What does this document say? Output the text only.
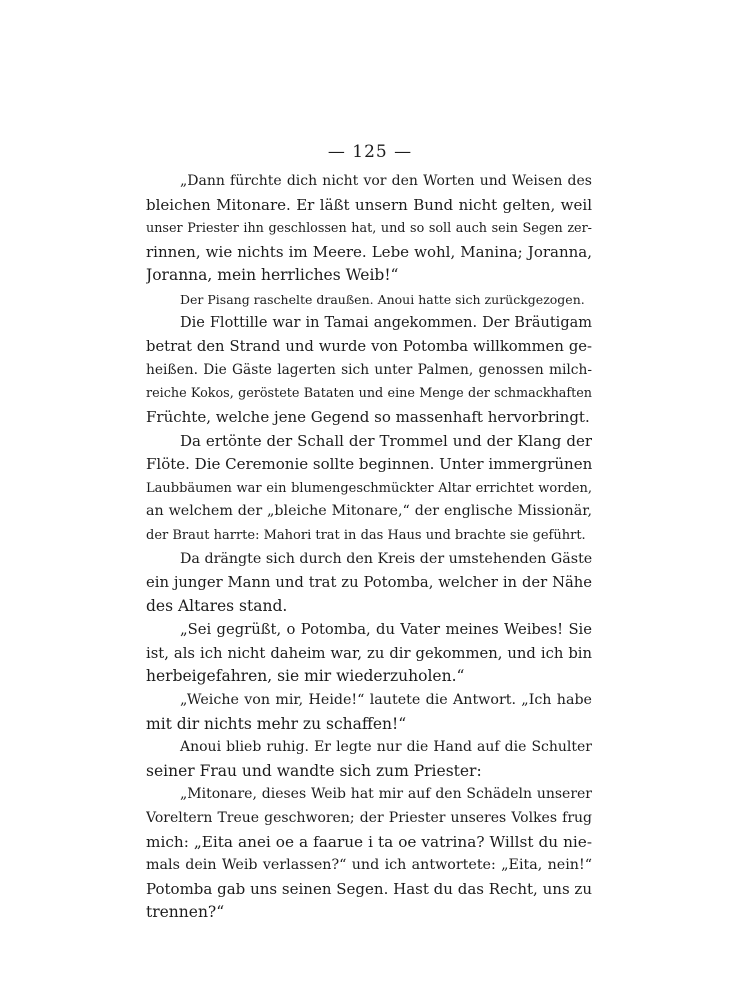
— 125 —
„Dann fürchte dich nicht vor den Worten und Weisen des
bleichen Mitonare. Er läßt unsern Bund nicht gelten, weil
unser Priester ihn geschlossen hat, und so soll auch sein Segen zer-
rinnen, wie nichts im Meere. Lebe wohl, Manina; Joranna,
Joranna, mein herrliches Weib!“
Der Pisang raschelte draußen. Anoui hatte sich zurückgezogen.
Die Flottille war in Tamai angekommen. Der Bräutigam
betrat den Strand und wurde von Potomba willkommen ge-
heißen. Die Gäste lagerten sich unter Palmen, genossen milch-
reiche Kokos, geröstete Bataten und eine Menge der schmackhaften
Früchte, welche jene Gegend so massenhaft hervorbringt.
Da ertönte der Schall der Trommel und der Klang der
Flöte. Die Ceremonie sollte beginnen. Unter immergrünen
Laubbäumen war ein blumengeschmückter Altar errichtet worden,
an welchem der „bleiche Mitonare,“ der englische Missionär,
der Braut harrte: Mahori trat in das Haus und brachte sie geführt.
Da drängte sich durch den Kreis der umstehenden Gäste
ein junger Mann und trat zu Potomba, welcher in der Nähe
des Altares stand.
„Sei gegrüßt, o Potomba, du Vater meines Weibes! Sie
ist, als ich nicht daheim war, zu dir gekommen, und ich bin
herbeigefahren, sie mir wiederzuholen.“
„Weiche von mir, Heide!“ lautete die Antwort. „Ich habe
mit dir nichts mehr zu schaffen!“
Anoui blieb ruhig. Er legte nur die Hand auf die Schulter
seiner Frau und wandte sich zum Priester:
„Mitonare, dieses Weib hat mir auf den Schädeln unserer
Voreltern Treue geschworen; der Priester unseres Volkes frug
mich: „Eita anei oe a faarue i ta oe vatrina? Willst du nie-
mals dein Weib verlassen?“ und ich antwortete: „Eita, nein!“
Potomba gab uns seinen Segen. Hast du das Recht, uns zu
trennen?“
